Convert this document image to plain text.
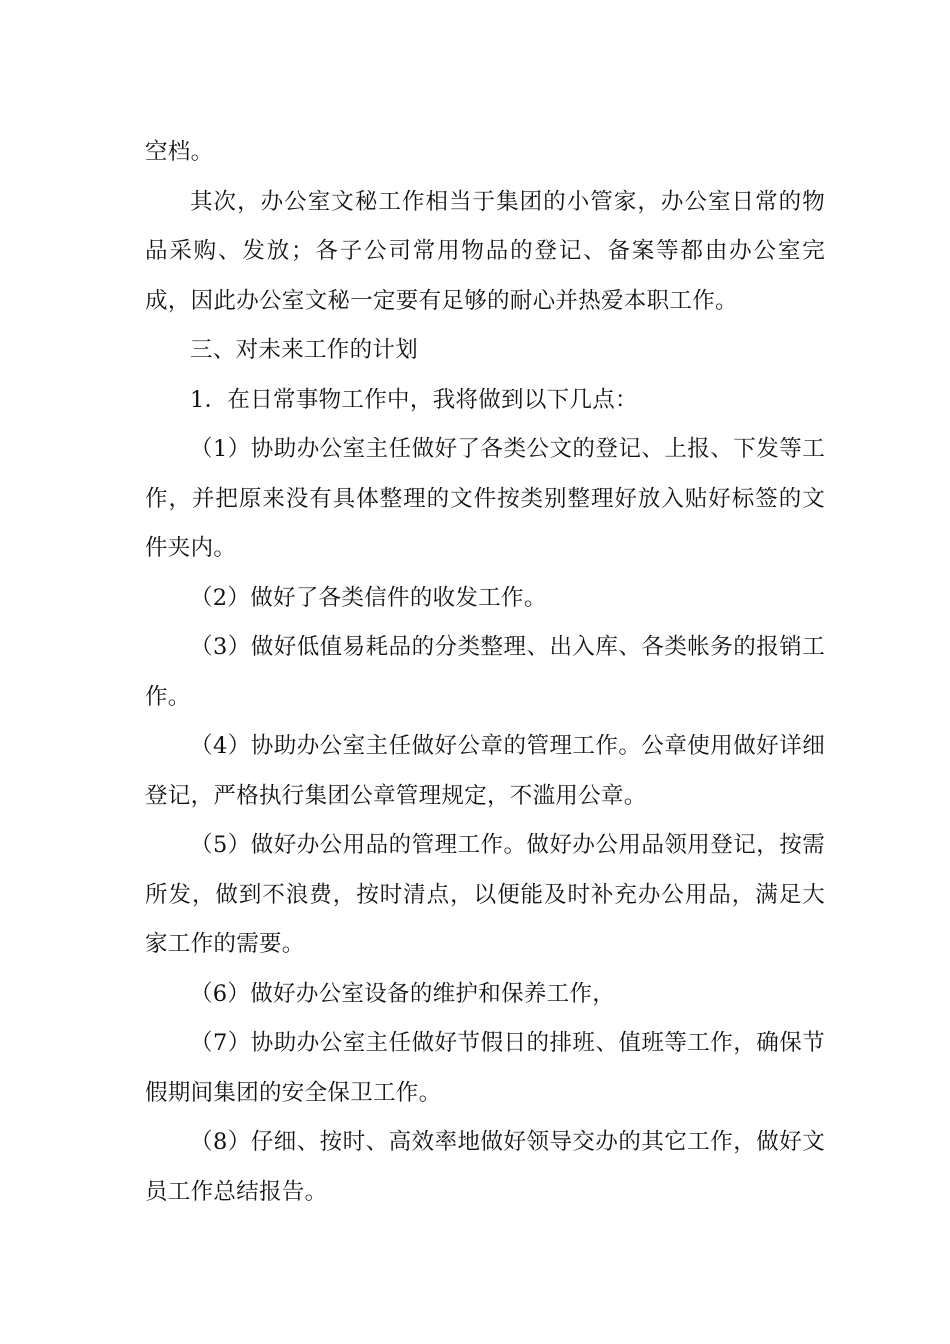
空档。

其次，办公室文秘工作相当于集团的小管家，办公室日常的物品采购、发放；各子公司常用物品的登记、备案等都由办公室完成，因此办公室文秘一定要有足够的耐心并热爱本职工作。

三、对未来工作的计划

1．在日常事物工作中，我将做到以下几点：

（1）协助办公室主任做好了各类公文的登记、上报、下发等工作，并把原来没有具体整理的文件按类别整理好放入贴好标签的文件夹内。

（2）做好了各类信件的收发工作。

（3）做好低值易耗品的分类整理、出入库、各类帐务的报销工作。

（4）协助办公室主任做好公章的管理工作。公章使用做好详细登记，严格执行集团公章管理规定，不滥用公章。

（5）做好办公用品的管理工作。做好办公用品领用登记，按需所发，做到不浪费，按时清点，以便能及时补充办公用品，满足大家工作的需要。

（6）做好办公室设备的维护和保养工作，

（7）协助办公室主任做好节假日的排班、值班等工作，确保节假期间集团的安全保卫工作。

（8）仔细、按时、高效率地做好领导交办的其它工作，做好文员工作总结报告。
